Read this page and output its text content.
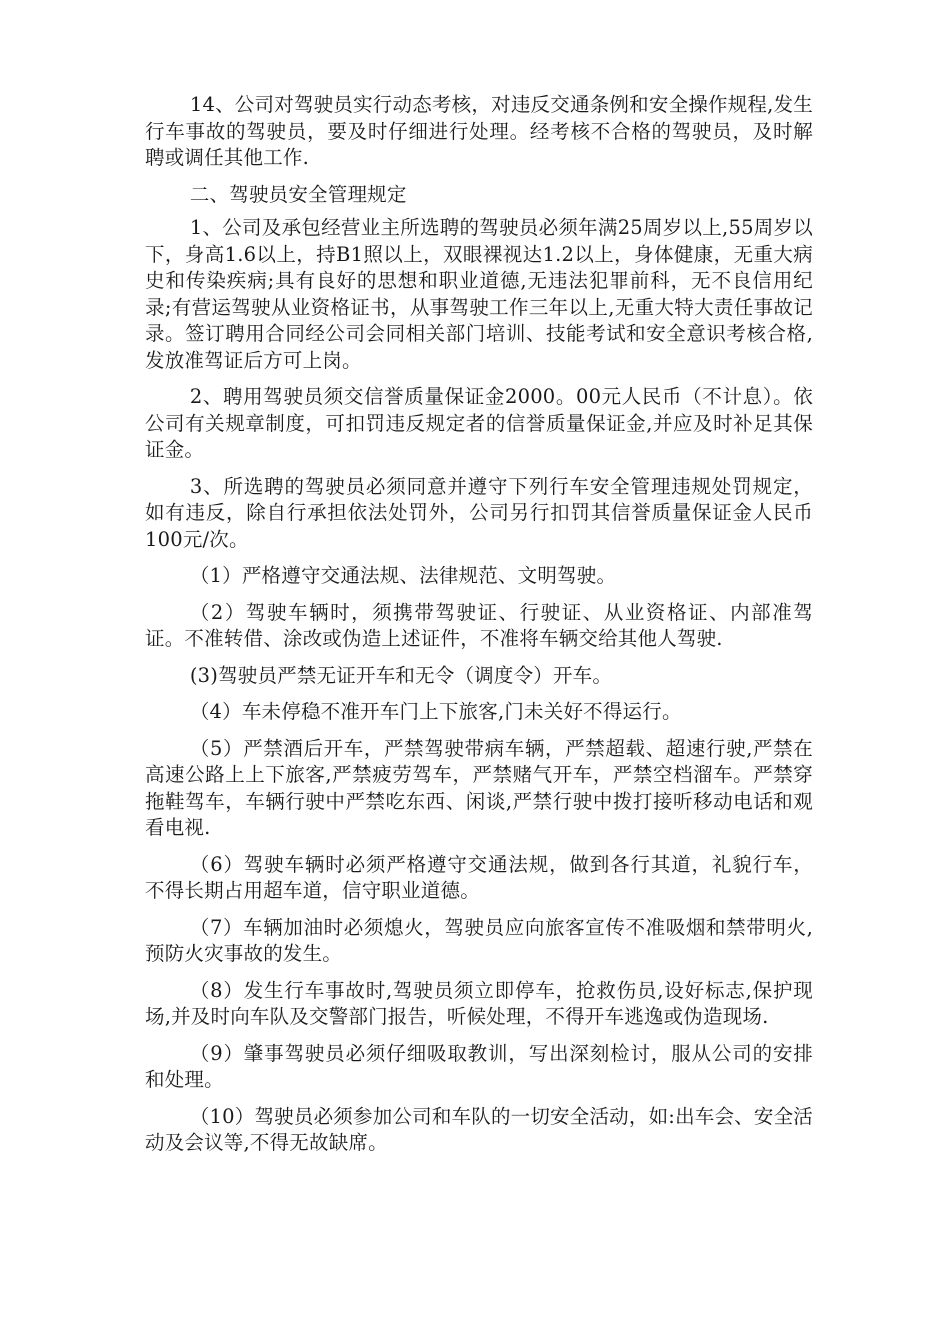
14、公司对驾驶员实行动态考核，对违反交通条例和安全操作规程,发生行车事故的驾驶员，要及时仔细进行处理。经考核不合格的驾驶员，及时解聘或调任其他工作.

二、驾驶员安全管理规定

1、公司及承包经营业主所选聘的驾驶员必须年满25周岁以上,55周岁以下，身高1.6以上，持B1照以上，双眼裸视达1.2以上，身体健康，无重大病史和传染疾病;具有良好的思想和职业道德,无违法犯罪前科，无不良信用纪录;有营运驾驶从业资格证书，从事驾驶工作三年以上,无重大特大责任事故记录。签订聘用合同经公司会同相关部门培训、技能考试和安全意识考核合格,发放准驾证后方可上岗。

2、聘用驾驶员须交信誉质量保证金2000。00元人民币（不计息）。依公司有关规章制度，可扣罚违反规定者的信誉质量保证金,并应及时补足其保证金。

3、所选聘的驾驶员必须同意并遵守下列行车安全管理违规处罚规定，如有违反，除自行承担依法处罚外，公司另行扣罚其信誉质量保证金人民币100元/次。

（1）严格遵守交通法规、法律规范、文明驾驶。

（2）驾驶车辆时，须携带驾驶证、行驶证、从业资格证、内部准驾证。不准转借、涂改或伪造上述证件，不准将车辆交给其他人驾驶.

(3)驾驶员严禁无证开车和无令（调度令）开车。

（4）车未停稳不准开车门上下旅客,门未关好不得运行。

（5）严禁酒后开车，严禁驾驶带病车辆，严禁超载、超速行驶,严禁在高速公路上上下旅客,严禁疲劳驾车，严禁赌气开车，严禁空档溜车。严禁穿拖鞋驾车，车辆行驶中严禁吃东西、闲谈,严禁行驶中拨打接听移动电话和观看电视.

（6）驾驶车辆时必须严格遵守交通法规，做到各行其道，礼貌行车，不得长期占用超车道，信守职业道德。

（7）车辆加油时必须熄火，驾驶员应向旅客宣传不准吸烟和禁带明火,预防火灾事故的发生。

（8）发生行车事故时,驾驶员须立即停车，抢救伤员,设好标志,保护现场,并及时向车队及交警部门报告，听候处理，不得开车逃逸或伪造现场.

（9）肇事驾驶员必须仔细吸取教训，写出深刻检讨，服从公司的安排和处理。

（10）驾驶员必须参加公司和车队的一切安全活动，如:出车会、安全活动及会议等,不得无故缺席。
